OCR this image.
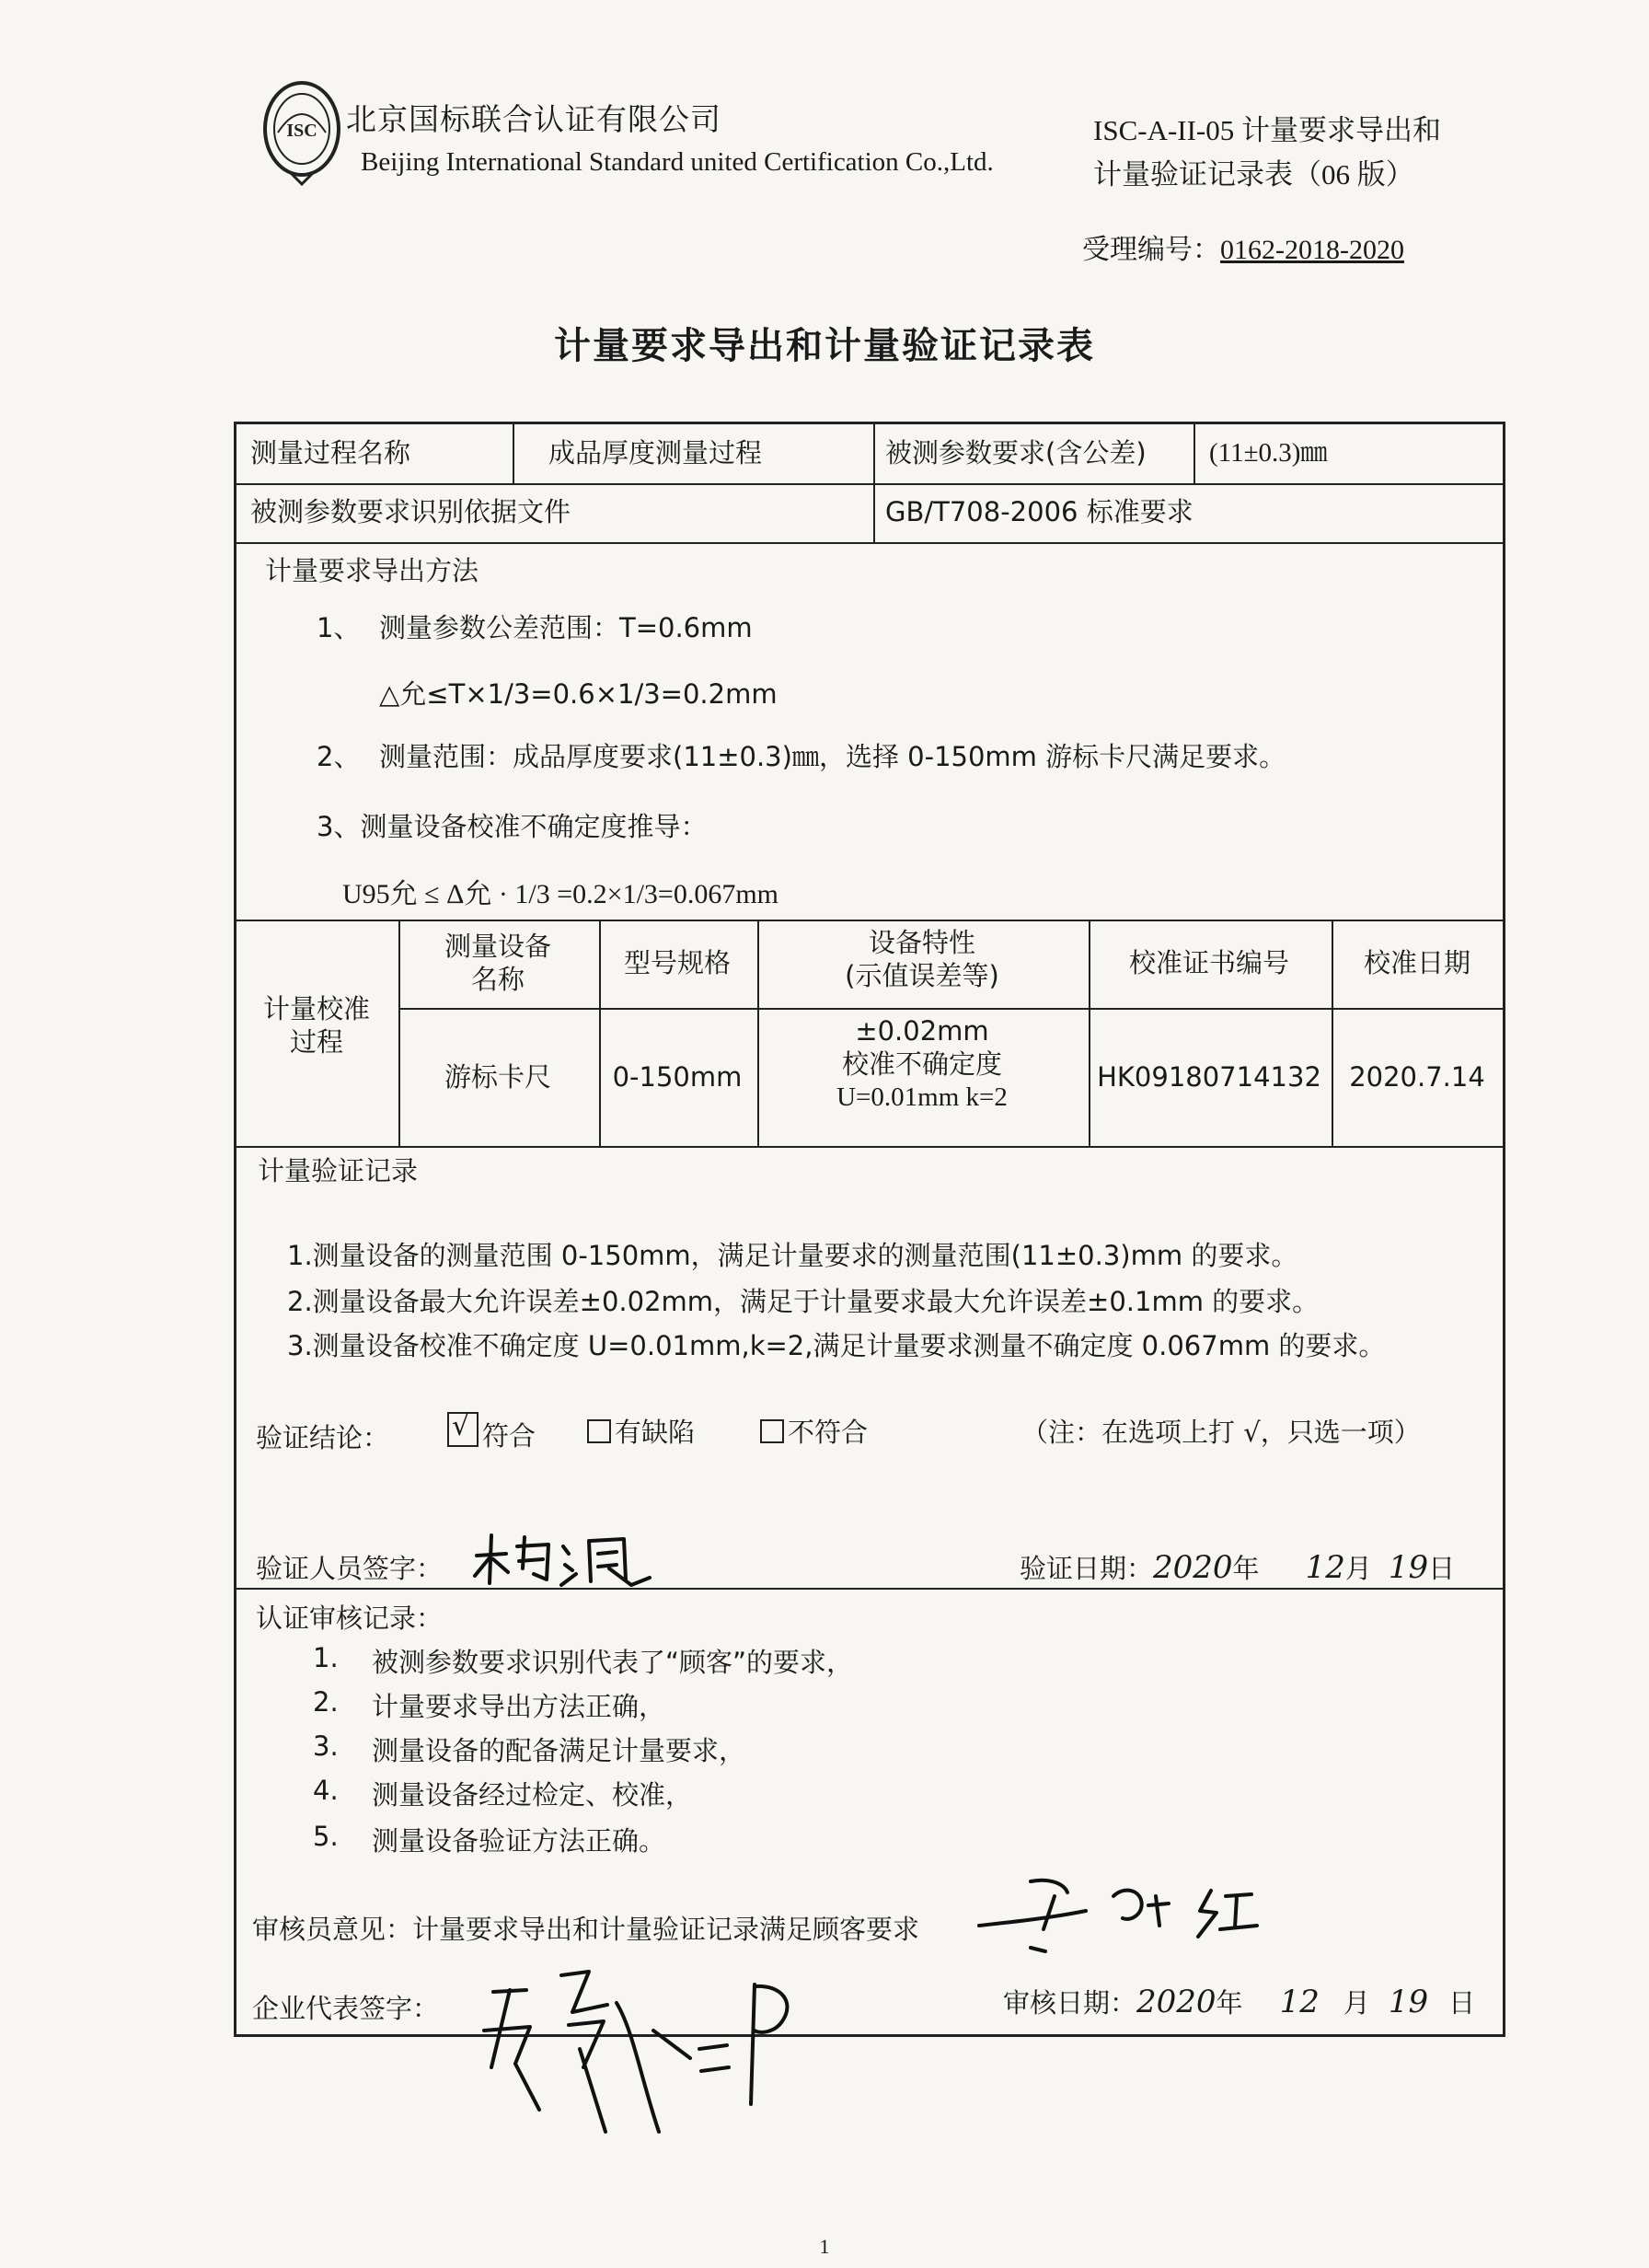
ISC 北京国标联合认证有限公司
Beijing International Standard united Certification Co.,Ltd.
ISC-A-II-05 计量要求导出和
计量验证记录表（06 版）
受理编号：0162-2018-2020
计量要求导出和计量验证记录表
测量过程名称	成品厚度测量过程	被测参数要求(含公差) (11±0.3)㎜
被测参数要求识别依据文件	GB/T708-2006 标准要求
计量要求导出方法
1、 测量参数公差范围：T=0.6mm
△允≤T×1/3=0.6×1/3=0.2mm
2、 测量范围：成品厚度要求(11±0.3)㎜，选择 0-150mm 游标卡尺满足要求。
3、测量设备校准不确定度推导：
U95允 ≤ Δ允 · 1/3 =0.2×1/3=0.067mm
计量校准
过程
测量设备
名称
型号规格
设备特性
(示值误差等)	校准证书编号	校准日期
游标卡尺	0-150mm
±0.02mm
校准不确定度
U=0.01mm k=2
HK09180714132	2020.7.14
计量验证记录
1.测量设备的测量范围 0-150mm，满足计量要求的测量范围(11±0.3)mm 的要求。
2.测量设备最大允许误差±0.02mm，满足于计量要求最大允许误差±0.1mm 的要求。
3.测量设备校准不确定度 U=0.01mm,k=2,满足计量要求测量不确定度 0.067mm 的要求。
验证结论：
√	符合	有缺陷	不符合	（注：在选项上打 √，只选一项）
验证人员签字：	验证日期：2020年 12月 19日
认证审核记录：
1. 被测参数要求识别代表了“顾客”的要求，
2. 计量要求导出方法正确，
3. 测量设备的配备满足计量要求，
4. 测量设备经过检定、校准，
5. 测量设备验证方法正确。
审核员意见：计量要求导出和计量验证记录满足顾客要求
企业代表签字：	审核日期：2020年 12 月 19 日
1
